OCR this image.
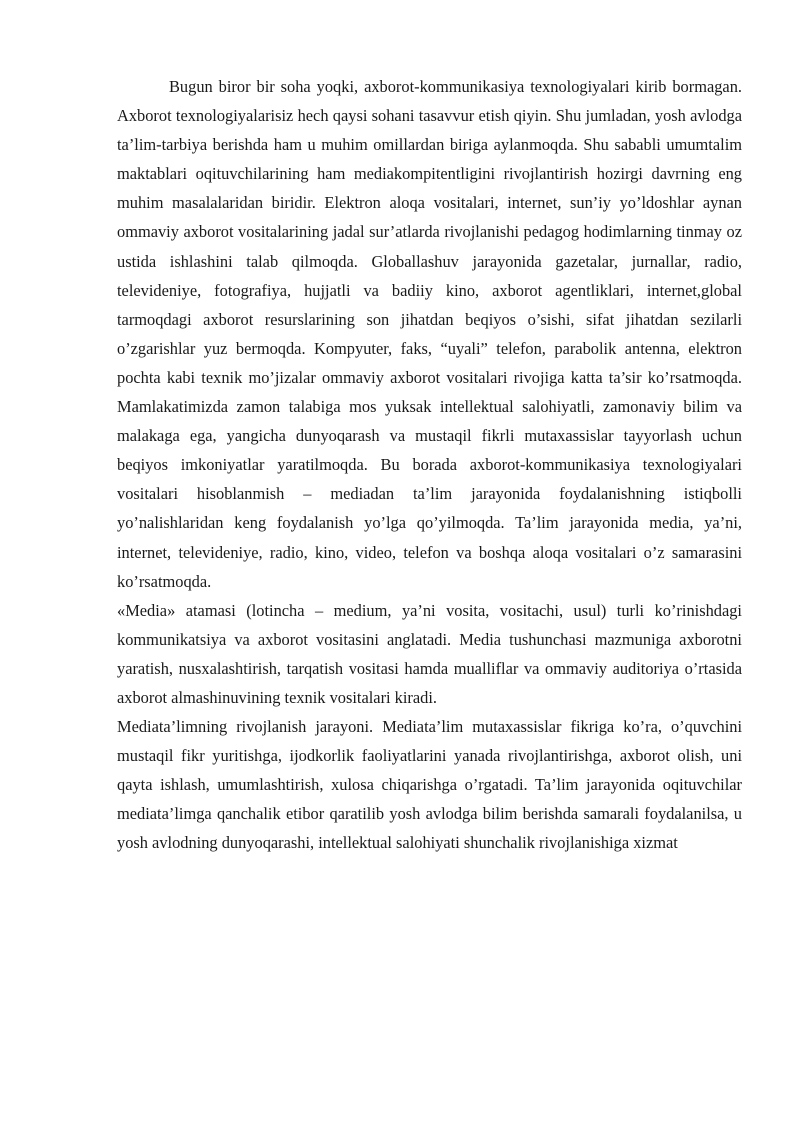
Bugun biror bir soha yoqki, axborot-kommunikasiya texnologiyalari kirib bormagan. Axborot texnologiyalarisiz hech qaysi sohani tasavvur etish qiyin. Shu jumladan, yosh avlodga ta’lim-tarbiya berishda ham u muhim omillardan biriga aylanmoqda. Shu sababli umumtalim maktablari oqituvchilarining ham mediakompitentligini rivojlantirish hozirgi davrning eng muhim masalalaridan biridir. Elektron aloqa vositalari, internet, sun’iy yo’ldoshlar aynan ommaviy axborot vositalarining jadal sur’atlarda rivojlanishi pedagog hodimlarning tinmay oz ustida ishlashini talab qilmoqda. Globallashuv jarayonida gazetalar, jurnallar, radio, televideniye, fotografiya, hujjatli va badiiy kino, axborot agentliklari, internet,global tarmoqdagi axborot resurslarining son jihatdan beqiyos o’sishi, sifat jihatdan sezilarli o’zgarishlar yuz bermoqda. Kompyuter, faks, “uyali” telefon, parabolik antenna, elektron pochta kabi texnik mo’jizalar ommaviy axborot vositalari rivojiga katta ta’sir ko’rsatmoqda. Mamlakatimizda zamon talabiga mos yuksak intellektual salohiyatli, zamonaviy bilim va malakaga ega, yangicha dunyoqarash va mustaqil fikrli mutaxassislar tayyorlash uchun beqiyos imkoniyatlar yaratilmoqda. Bu borada axborot-kommunikasiya texnologiyalari vositalari hisoblanmish – mediadan ta’lim jarayonida foydalanishning istiqbolli yo’nalishlaridan keng foydalanish yo’lga qo’yilmoqda. Ta’lim jarayonida media, ya’ni, internet, televideniye, radio, kino, video, telefon va boshqa aloqa vositalari o’z samarasini ko’rsatmoqda.

«Media» atamasi (lotincha – medium, ya’ni vosita, vositachi, usul) turli ko’rinishdagi kommunikatsiya va axborot vositasini anglatadi. Media tushunchasi mazmuniga axborotni yaratish, nusxalashtirish, tarqatish vositasi hamda mualliflar va ommaviy auditoriya o’rtasida axborot almashinuvining texnik vositalari kiradi.

Mediata’limning rivojlanish jarayoni. Mediata’lim mutaxassislar fikriga ko’ra, o’quvchini mustaqil fikr yuritishga, ijodkorlik faoliyatlarini yanada rivojlantirishga, axborot olish, uni qayta ishlash, umumlashtirish, xulosa chiqarishga o’rgatadi. Ta’lim jarayonida oqituvchilar mediata’limga qanchalik etibor qaratilib yosh avlodga bilim berishda samarali foydalanilsa, u yosh avlodning dunyoqarashi, intellektual salohiyati shunchalik rivojlanishiga xizmat
